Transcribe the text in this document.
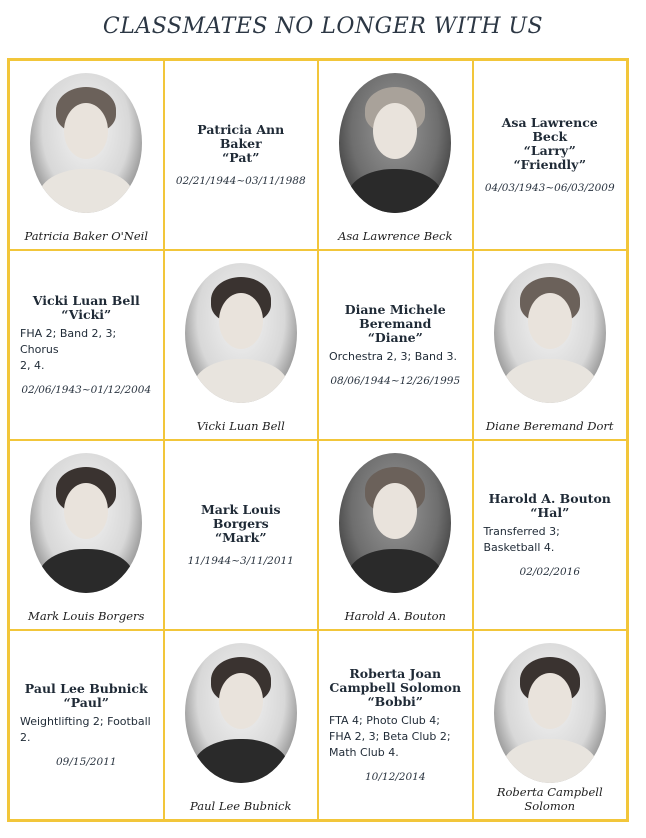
CLASSMATES NO LONGER WITH US
Patricia Baker O'Neil
Patricia Ann Baker
“Pat”
02/21/1944~03/11/1988
Asa Lawrence Beck
Asa Lawrence Beck
“Larry”
“Friendly”
04/03/1943~06/03/2009
Vicki Luan Bell
“Vicki”
FHA 2; Band 2, 3; Chorus
2, 4.
02/06/1943~01/12/2004
Vicki Luan Bell
Diane Michele
Beremand
“Diane”
Orchestra 2, 3; Band 3.
08/06/1944~12/26/1995
Diane Beremand Dort
Mark Louis Borgers
Mark Louis Borgers
“Mark”
11/1944~3/11/2011
Harold A. Bouton
Harold A. Bouton
“Hal”
Transferred 3;
Basketball 4.
02/02/2016
Paul Lee Bubnick
“Paul”
Weightlifting 2; Football
2.
09/15/2011
Paul Lee Bubnick
Roberta Joan
Campbell Solomon
“Bobbi”
FTA 4; Photo Club 4;
FHA 2, 3; Beta Club 2;
Math Club 4.
10/12/2014
Roberta Campbell
Solomon
